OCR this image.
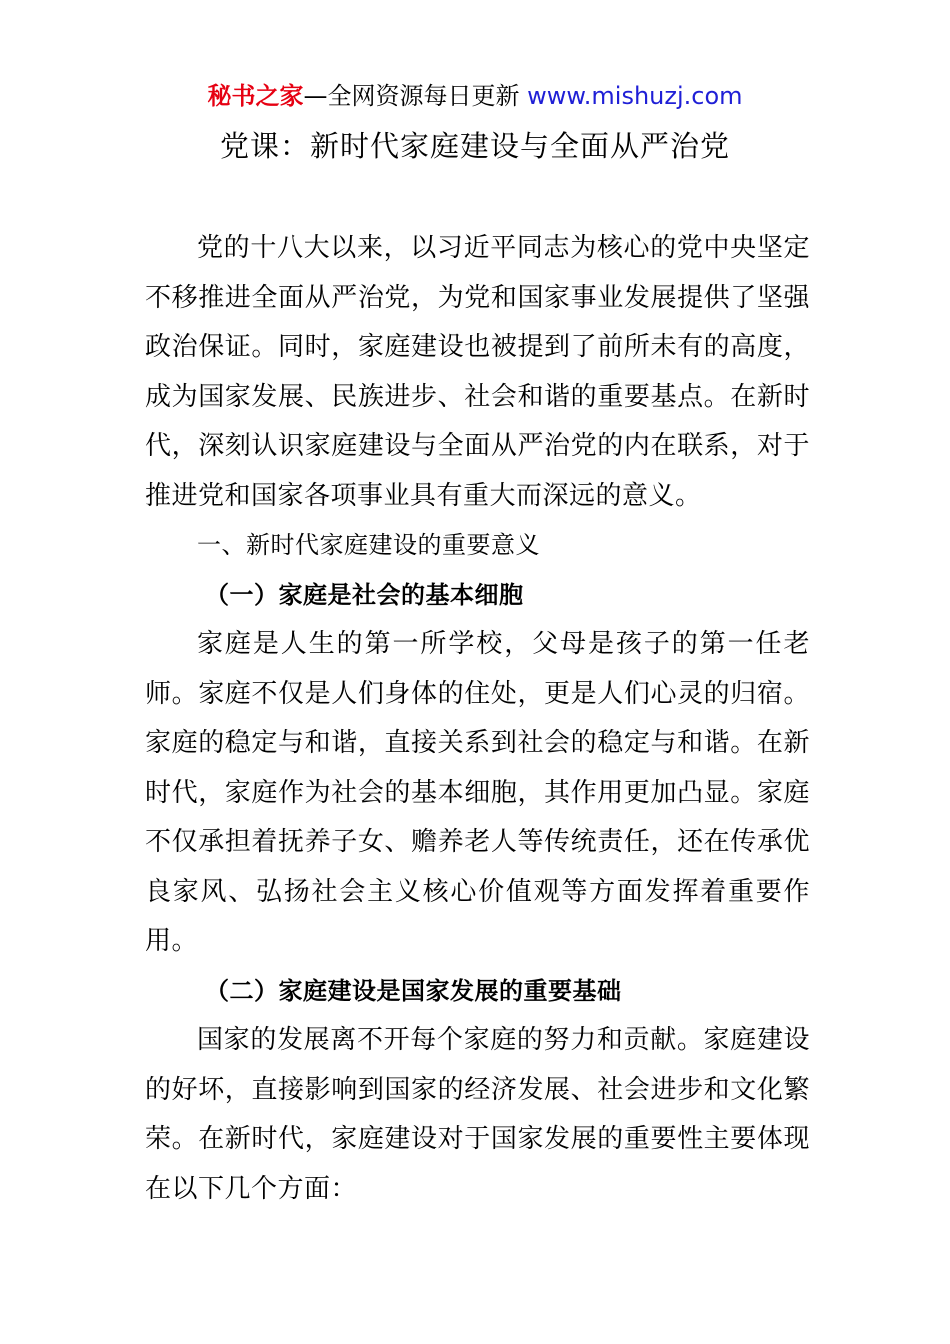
秘书之家—全网资源每日更新 www.mishuzj.com
党课：新时代家庭建设与全面从严治党

党的十八大以来，以习近平同志为核心的党中央坚定不移推进全面从严治党，为党和国家事业发展提供了坚强政治保证。同时，家庭建设也被提到了前所未有的高度，成为国家发展、民族进步、社会和谐的重要基点。在新时代，深刻认识家庭建设与全面从严治党的内在联系，对于推进党和国家各项事业具有重大而深远的意义。

一、新时代家庭建设的重要意义

（一）家庭是社会的基本细胞

家庭是人生的第一所学校，父母是孩子的第一任老师。家庭不仅是人们身体的住处，更是人们心灵的归宿。家庭的稳定与和谐，直接关系到社会的稳定与和谐。在新时代，家庭作为社会的基本细胞，其作用更加凸显。家庭不仅承担着抚养子女、赡养老人等传统责任，还在传承优良家风、弘扬社会主义核心价值观等方面发挥着重要作用。

（二）家庭建设是国家发展的重要基础

国家的发展离不开每个家庭的努力和贡献。家庭建设的好坏，直接影响到国家的经济发展、社会进步和文化繁荣。在新时代，家庭建设对于国家发展的重要性主要体现在以下几个方面：
